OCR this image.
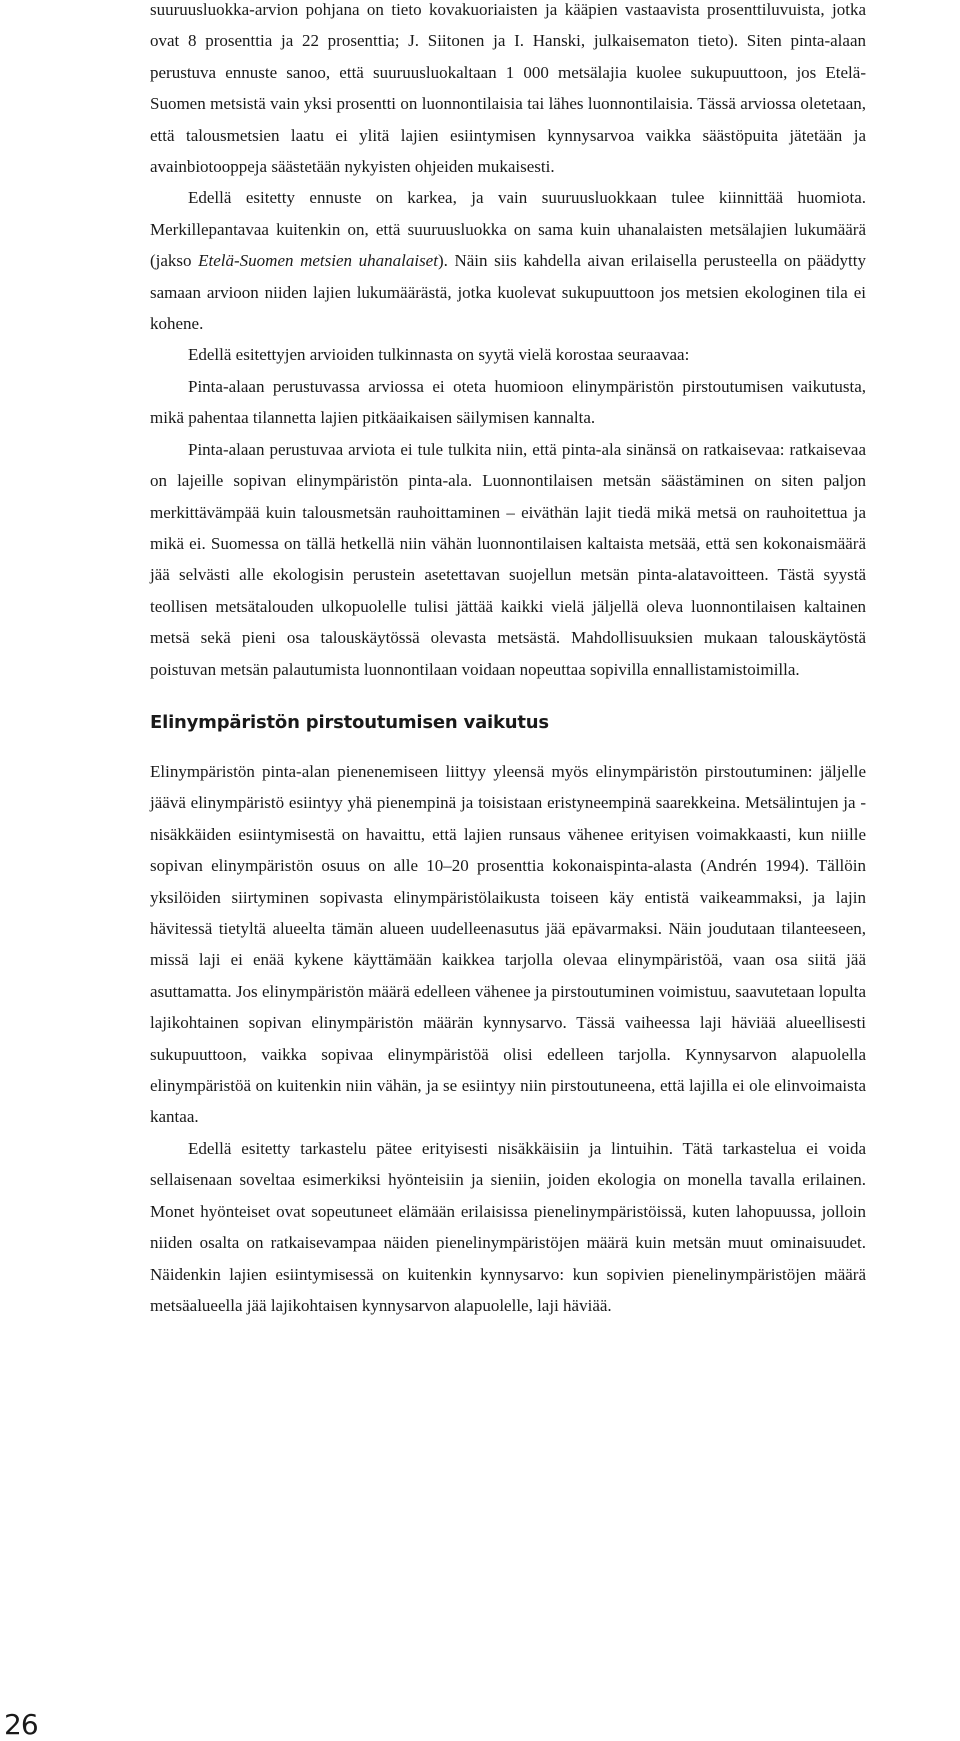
suuruusluokka-arvion pohjana on tieto kovakuoriaisten ja kääpien vastaavista prosenttiluvuista, jotka ovat 8 prosenttia ja 22 prosenttia; J. Siitonen ja I. Hanski, julkaisematon tieto). Siten pinta-alaan perustuva ennuste sanoo, että suuruusluokaltaan 1 000 metsälajia kuolee sukupuuttoon, jos Etelä-Suomen metsistä vain yksi prosentti on luonnontilaisia tai lähes luonnontilaisia. Tässä arviossa oletetaan, että talousmetsien laatu ei ylitä lajien esiintymisen kynnysarvoa vaikka säästöpuita jätetään ja avainbiotooppeja säästetään nykyisten ohjeiden mukaisesti.

Edellä esitetty ennuste on karkea, ja vain suuruusluokkaan tulee kiinnittää huomiota. Merkillepantavaa kuitenkin on, että suuruusluokka on sama kuin uhanalaisten metsälajien lukumäärä (jakso Etelä-Suomen metsien uhanalaiset). Näin siis kahdella aivan erilaisella perusteella on päädytty samaan arvioon niiden lajien lukumäärästä, jotka kuolevat sukupuuttoon jos metsien ekologinen tila ei kohene.

Edellä esitettyjen arvioiden tulkinnasta on syytä vielä korostaa seuraavaa:

Pinta-alaan perustuvassa arviossa ei oteta huomioon elinympäristön pirstoutumisen vaikutusta, mikä pahentaa tilannetta lajien pitkäaikaisen säilymisen kannalta.

Pinta-alaan perustuvaa arviota ei tule tulkita niin, että pinta-ala sinänsä on ratkaisevaa: ratkaisevaa on lajeille sopivan elinympäristön pinta-ala. Luonnontilaisen metsän säästäminen on siten paljon merkittävämpää kuin talousmetsän rauhoittaminen – eiväthän lajit tiedä mikä metsä on rauhoitettua ja mikä ei. Suomessa on tällä hetkellä niin vähän luonnontilaisen kaltaista metsää, että sen kokonaismäärä jää selvästi alle ekologisin perustein asetettavan suojellun metsän pinta-alatavoitteen. Tästä syystä teollisen metsätalouden ulkopuolelle tulisi jättää kaikki vielä jäljellä oleva luonnontilaisen kaltainen metsä sekä pieni osa talouskäytössä olevasta metsästä. Mahdollisuuksien mukaan talouskäytöstä poistuvan metsän palautumista luonnontilaan voidaan nopeuttaa sopivilla ennallistamistoimilla.

Elinympäristön pirstoutumisen vaikutus

Elinympäristön pinta-alan pienenemiseen liittyy yleensä myös elinympäristön pirstoutuminen: jäljelle jäävä elinympäristö esiintyy yhä pienempinä ja toisistaan eristyneempinä saarekkeina. Metsälintujen ja -nisäkkäiden esiintymisestä on havaittu, että lajien runsaus vähenee erityisen voimakkaasti, kun niille sopivan elinympäristön osuus on alle 10–20 prosenttia kokonaispinta-alasta (Andrén 1994). Tällöin yksilöiden siirtyminen sopivasta elinympäristölaikusta toiseen käy entistä vaikeammaksi, ja lajin hävitessä tietyltä alueelta tämän alueen uudelleenasutus jää epävarmaksi. Näin joudutaan tilanteeseen, missä laji ei enää kykene käyttämään kaikkea tarjolla olevaa elinympäristöä, vaan osa siitä jää asuttamatta. Jos elinympäristön määrä edelleen vähenee ja pirstoutuminen voimistuu, saavutetaan lopulta lajikohtainen sopivan elinympäristön määrän kynnysarvo. Tässä vaiheessa laji häviää alueellisesti sukupuuttoon, vaikka sopivaa elinympäristöä olisi edelleen tarjolla. Kynnysarvon alapuolella elinympäristöä on kuitenkin niin vähän, ja se esiintyy niin pirstoutuneena, että lajilla ei ole elinvoimaista kantaa.

Edellä esitetty tarkastelu pätee erityisesti nisäkkäisiin ja lintuihin. Tätä tarkastelua ei voida sellaisenaan soveltaa esimerkiksi hyönteisiin ja sieniin, joiden ekologia on monella tavalla erilainen. Monet hyönteiset ovat sopeutuneet elämään erilaisissa pienelinympäristöissä, kuten lahopuussa, jolloin niiden osalta on ratkaisevampaa näiden pienelinympäristöjen määrä kuin metsän muut ominaisuudet. Näidenkin lajien esiintymisessä on kuitenkin kynnysarvo: kun sopivien pienelinympäristöjen määrä metsäalueella jää lajikohtaisen kynnysarvon alapuolelle, laji häviää.

26
